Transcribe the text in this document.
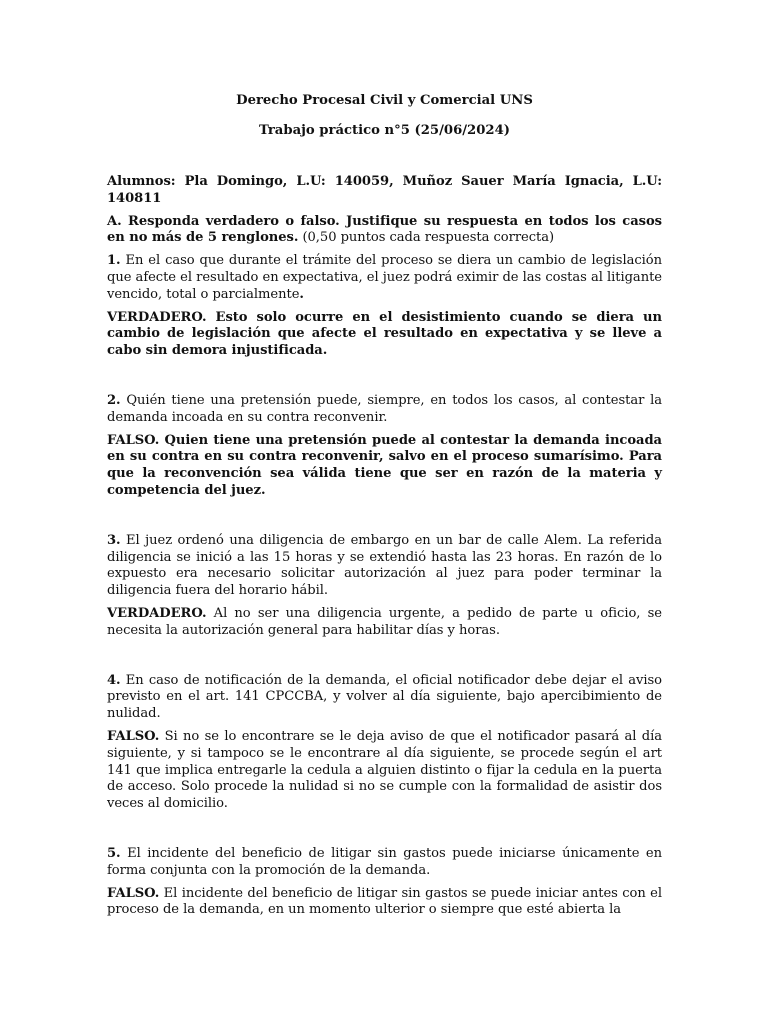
Derecho Procesal Civil y Comercial UNS
Trabajo práctico n°5 (25/06/2024)

Alumnos: Pla Domingo, L.U: 140059, Muñoz Sauer María Ignacia, L.U: 140811

A. Responda verdadero o falso. Justifique su respuesta en todos los casos en no más de 5 renglones. (0,50 puntos cada respuesta correcta)

1. En el caso que durante el trámite del proceso se diera un cambio de legislación que afecte el resultado en expectativa, el juez podrá eximir de las costas al litigante vencido, total o parcialmente.

VERDADERO. Esto solo ocurre en el desistimiento cuando se diera un cambio de legislación que afecte el resultado en expectativa y se lleve a cabo sin demora injustificada.

2. Quién tiene una pretensión puede, siempre, en todos los casos, al contestar la demanda incoada en su contra reconvenir.

FALSO. Quien tiene una pretensión puede al contestar la demanda incoada en su contra en su contra reconvenir, salvo en el proceso sumarísimo. Para que la reconvención sea válida tiene que ser en razón de la materia y competencia del juez.

3. El juez ordenó una diligencia de embargo en un bar de calle Alem. La referida diligencia se inició a las 15 horas y se extendió hasta las 23 horas. En razón de lo expuesto era necesario solicitar autorización al juez para poder terminar la diligencia fuera del horario hábil.

VERDADERO. Al no ser una diligencia urgente, a pedido de parte u oficio, se necesita la autorización general para habilitar días y horas.

4. En caso de notificación de la demanda, el oficial notificador debe dejar el aviso previsto en el art. 141 CPCCBA, y volver al día siguiente, bajo apercibimiento de nulidad.

FALSO. Si no se lo encontrare se le deja aviso de que el notificador pasará al día siguiente, y si tampoco se le encontrare al día siguiente, se procede según el art 141 que implica entregarle la cedula a alguien distinto o fijar la cedula en la puerta de acceso. Solo procede la nulidad si no se cumple con la formalidad de asistir dos veces al domicilio.

5. El incidente del beneficio de litigar sin gastos puede iniciarse únicamente en forma conjunta con la promoción de la demanda.

FALSO. El incidente del beneficio de litigar sin gastos se puede iniciar antes con el proceso de la demanda, en un momento ulterior o siempre que esté abierta la
